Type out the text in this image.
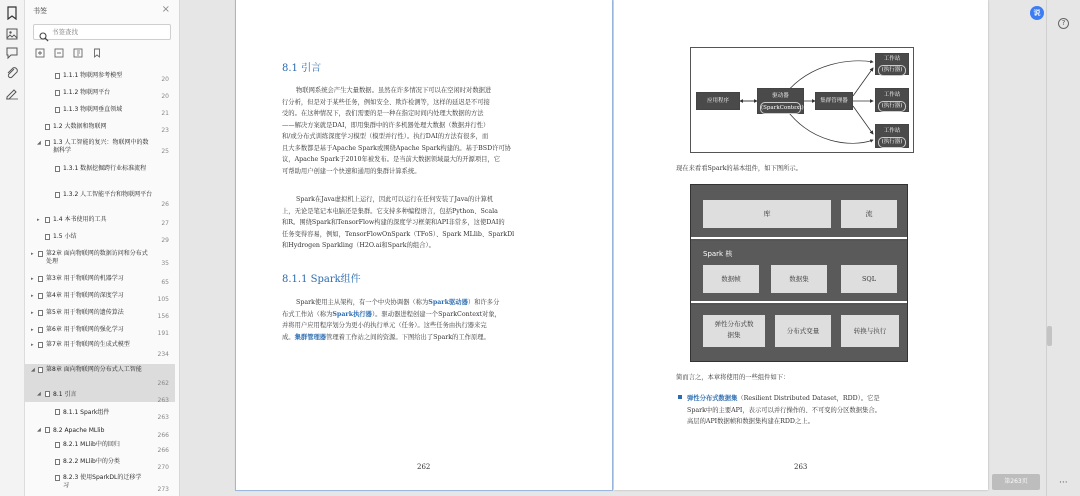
书签	×
书签查找

1.1.1 物联网参考模型
20
1.1.2 物联网平台
20
1.1.3 物联网垂直领域
21
1.2 大数据和物联网
23
◢ 1.3 人工智能的复兴：物联网中的数据科学	25
1.3.1 数据挖掘跨行业标准流程
1.3.2 人工智能平台和物联网平台
26
▸ 1.4 本书使用的工具
27
1.5 小结
29
▸ 第2章 面向物联网的数据访问和分布式处理	35
▸ 第3章 用于物联网的机器学习
65
▸ 第4章 用于物联网的深度学习
105
▸ 第5章 用于物联网的遗传算法
156
▸ 第6章 用于物联网的强化学习
191
▸ 第7章 用于物联网的生成式模型
234
◢ 第8章 面向物联网的分布式人工智能
262
◢ 8.1 引言
263
8.1.1 Spark组件
263
◢ 8.2 Apache MLlib
266
8.2.1 MLlib中的回归
266
8.2.2 MLlib中的分类
270
8.2.3 使用SparkDL的迁移学习
273
8.1 引言
物联网系统会产生大量数据。虽然在许多情况下可以在空闲时对数据进
行分析，但是对于某些任务，例如安全、欺诈检测等，这样的延迟是不可接
受的。在这种情况下，我们需要的是一种在指定时间内处理大数据的方法
——解决方案就是DAI，即用集群中的许多机器处理大数据（数据并行性）
和/或分布式训练深度学习模型（模型并行性）。执行DAI的方法有很多，而
且大多数都是基于Apache Spark或围绕Apache Spark构建的。基于BSD许可协
议，Apache Spark于2010年被发布。是当前大数据领域最大的开源项目，它
可帮助用户创建一个快速和通用的集群计算系统。
Spark在Java虚拟机上运行，因此可以运行在任何安装了Java的计算机
上，无论是笔记本电脑还是集群。它支持多种编程语言，包括Python、Scala
和R。围绕Spark和TensorFlow构建的深度学习框架和API非常多，这使DAI的
任务变得容易，例如，TensorFlowOnSpark（TFoS）、Spark MLlib、SparkDl
和Hydrogen Sparkling（H2O.ai和Spark的组合）。
8.1.1 Spark组件
Spark使用主从架构，有一个中央协调器（称为Spark驱动器）和许多分
布式工作站（称为Spark执行器）。驱动器进程创建一个SparkContext对象，
并将用户应用程序划分为更小的执行单元（任务）。这些任务由执行器来完
成。集群管理器管理着工作站之间的资源。下图给出了Spark的工作原理。
262
应用程序
驱动器
(SparkContext)
集群管理器
工作站
(执行器)
工作站
(执行器)
工作站
(执行器)
现在来看看Spark的基本组件，如下图所示。
库	流
Spark 核
数据帧	数据集	SQL
弹性分布式数
据集	分布式变量	转换与执行
简而言之，本章将使用的一些组件如下：
弹性分布式数据集（Resilient Distributed Dataset，RDD）。它是
Spark中的主要API，表示可以并行操作的、不可变的分区数据集合。
高层的API数据帧和数据集构建在RDD之上。
263
说
?
第263页	···
